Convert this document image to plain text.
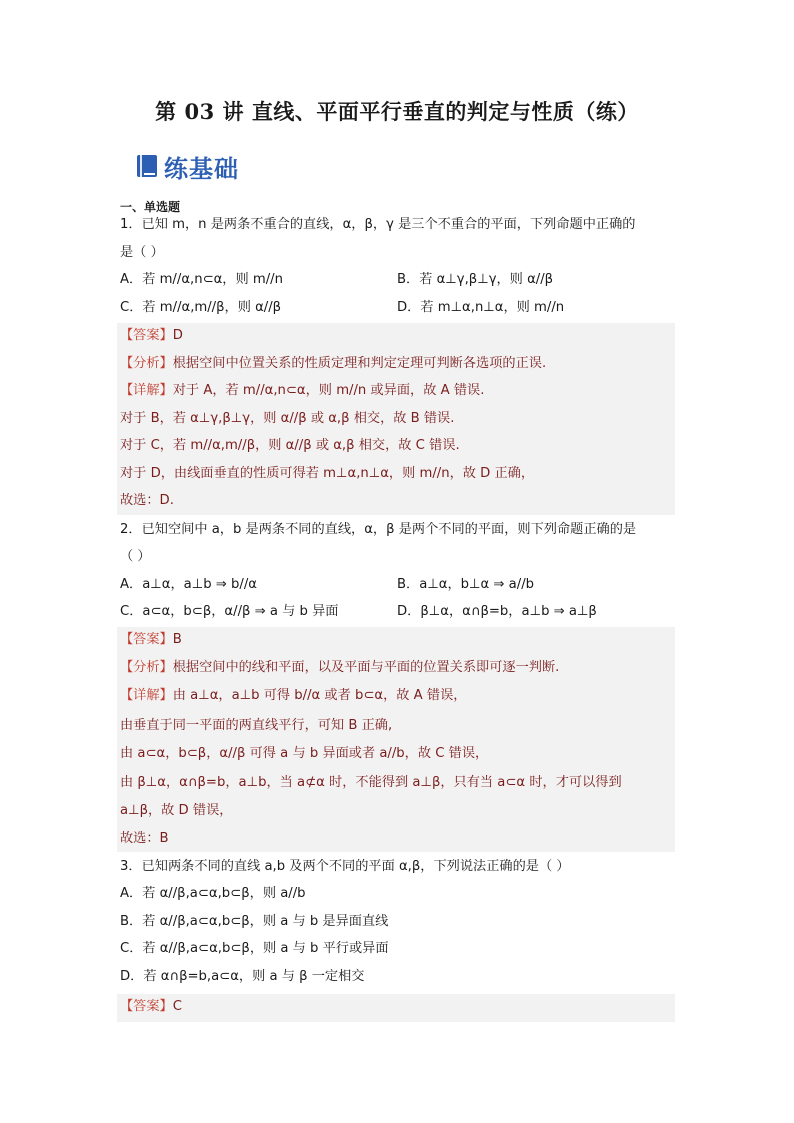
第 03 讲 直线、平面平行垂直的判定与性质（练）
练基础
一、单选题
1．已知 m，n 是两条不重合的直线，α，β，γ 是三个不重合的平面，下列命题中正确的
是（ ）
A．若 m//α,n⊂α，则 m//n	B．若 α⊥γ,β⊥γ，则 α//β
C．若 m//α,m//β，则 α//β	D．若 m⊥α,n⊥α，则 m//n
【答案】D
【分析】根据空间中位置关系的性质定理和判定定理可判断各选项的正误.
【详解】对于 A，若 m//α,n⊂α，则 m//n 或异面，故 A 错误.
对于 B，若 α⊥γ,β⊥γ，则 α//β 或 α,β 相交，故 B 错误.
对于 C，若 m//α,m//β，则 α//β 或 α,β 相交，故 C 错误.
对于 D，由线面垂直的性质可得若 m⊥α,n⊥α，则 m//n，故 D 正确，
故选：D.
2．已知空间中 a，b 是两条不同的直线，α，β 是两个不同的平面，则下列命题正确的是
（ ）
A．a⊥α，a⊥b ⇒ b//α	B．a⊥α，b⊥α ⇒ a//b
C．a⊂α，b⊂β，α//β ⇒ a 与 b 异面	D．β⊥α，α∩β=b，a⊥b ⇒ a⊥β
【答案】B
【分析】根据空间中的线和平面，以及平面与平面的位置关系即可逐一判断.
【详解】由 a⊥α，a⊥b 可得 b//α 或者 b⊂α，故 A 错误，
由垂直于同一平面的两直线平行，可知 B 正确,
由 a⊂α，b⊂β，α//β 可得 a 与 b 异面或者 a//b，故 C 错误，
由 β⊥α，α∩β=b，a⊥b，当 a⊄α 时，不能得到 a⊥β，只有当 a⊂α 时，才可以得到
a⊥β，故 D 错误，
故选：B
3．已知两条不同的直线 a,b 及两个不同的平面 α,β，下列说法正确的是（ ）
A．若 α//β,a⊂α,b⊂β，则 a//b
B．若 α//β,a⊂α,b⊂β，则 a 与 b 是异面直线
C．若 α//β,a⊂α,b⊂β，则 a 与 b 平行或异面
D．若 α∩β=b,a⊂α，则 a 与 β 一定相交
【答案】C
